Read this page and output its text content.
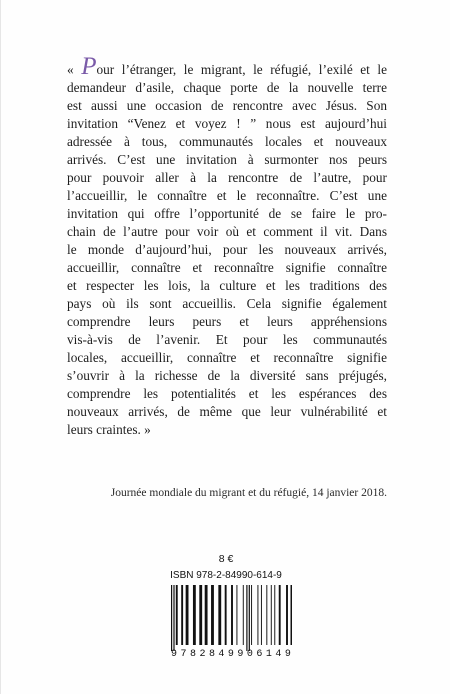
« Pour l’étranger, le migrant, le réfugié, l’exilé et le
demandeur d’asile, chaque porte de la nouvelle terre
est aussi une occasion de rencontre avec Jésus. Son
invitation “Venez et voyez ! ” nous est aujourd’hui
adressée à tous, communautés locales et nouveaux
arrivés. C’est une invitation à surmonter nos peurs
pour pouvoir aller à la rencontre de l’autre, pour
l’accueillir, le connaître et le reconnaître. C’est une
invitation qui offre l’opportunité de se faire le pro-
chain de l’autre pour voir où et comment il vit. Dans
le monde d’aujourd’hui, pour les nouveaux arrivés,
accueillir, connaître et reconnaître signifie connaître
et respecter les lois, la culture et les traditions des
pays où ils sont accueillis. Cela signifie également
comprendre leurs peurs et leurs appréhensions
vis-à-vis de l’avenir. Et pour les communautés
locales, accueillir, connaître et reconnaître signifie
s’ouvrir à la richesse de la diversité sans préjugés,
comprendre les potentialités et les espérances des
nouveaux arrivés, de même que leur vulnérabilité et
leurs craintes. »
Journée mondiale du migrant et du réfugié, 14 janvier 2018.
8 €
ISBN 978-2-84990-614-9
9 7 8 2 8 4 9 9 0 6 1 4 9
